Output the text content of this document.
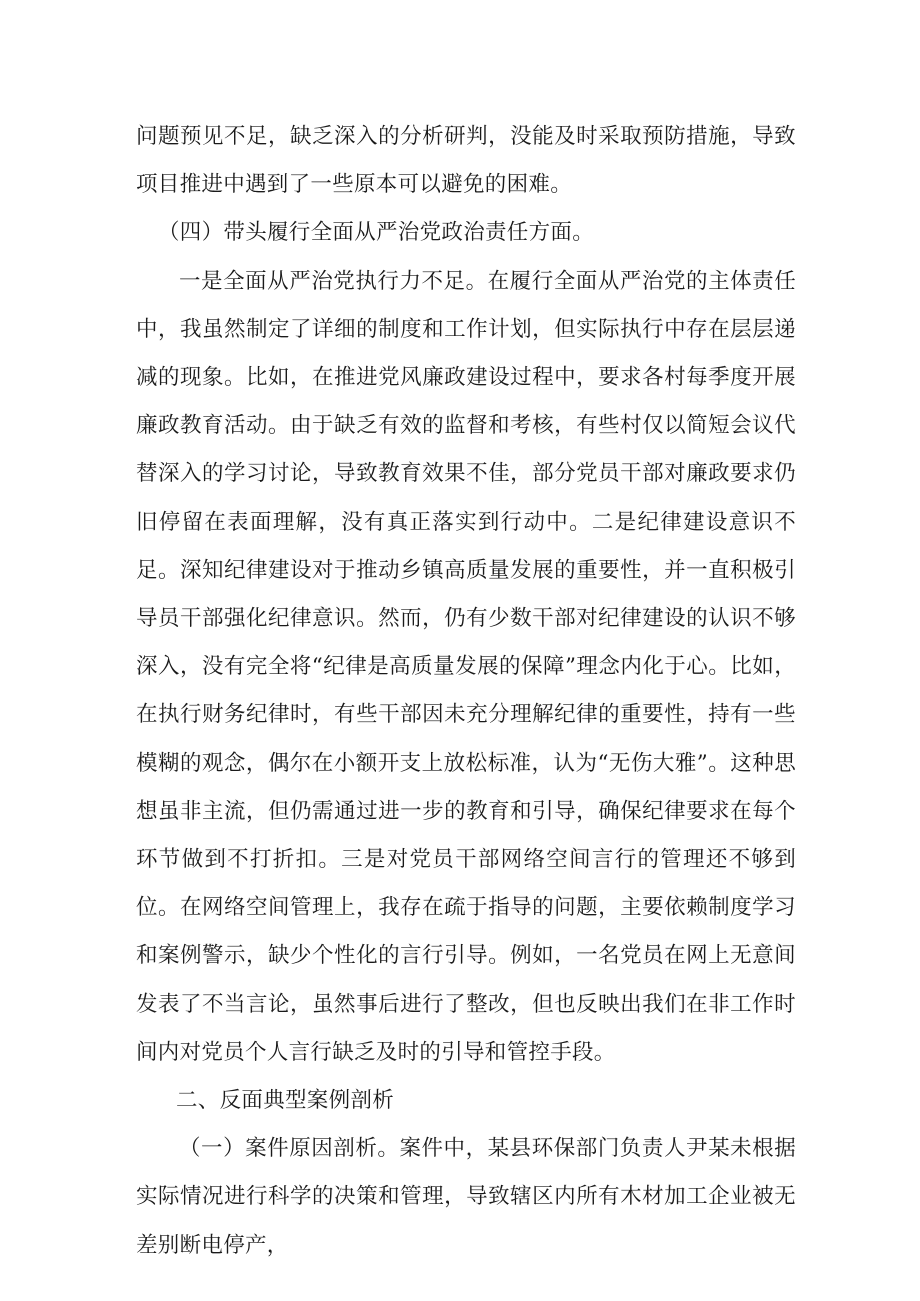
问题预见不足，缺乏深入的分析研判，没能及时采取预防措施，导致项目推进中遇到了一些原本可以避免的困难。

（四）带头履行全面从严治党政治责任方面。

一是全面从严治党执行力不足。在履行全面从严治党的主体责任中，我虽然制定了详细的制度和工作计划，但实际执行中存在层层递减的现象。比如，在推进党风廉政建设过程中，要求各村每季度开展廉政教育活动。由于缺乏有效的监督和考核，有些村仅以简短会议代替深入的学习讨论，导致教育效果不佳，部分党员干部对廉政要求仍旧停留在表面理解，没有真正落实到行动中。二是纪律建设意识不足。深知纪律建设对于推动乡镇高质量发展的重要性，并一直积极引导员干部强化纪律意识。然而，仍有少数干部对纪律建设的认识不够深入，没有完全将“纪律是高质量发展的保障”理念内化于心。比如，在执行财务纪律时，有些干部因未充分理解纪律的重要性，持有一些模糊的观念，偶尔在小额开支上放松标准，认为“无伤大雅”。这种思想虽非主流，但仍需通过进一步的教育和引导，确保纪律要求在每个环节做到不打折扣。三是对党员干部网络空间言行的管理还不够到位。在网络空间管理上，我存在疏于指导的问题，主要依赖制度学习和案例警示，缺少个性化的言行引导。例如，一名党员在网上无意间发表了不当言论，虽然事后进行了整改，但也反映出我们在非工作时间内对党员个人言行缺乏及时的引导和管控手段。

二、反面典型案例剖析

（一）案件原因剖析。案件中，某县环保部门负责人尹某未根据实际情况进行科学的决策和管理，导致辖区内所有木材加工企业被无差别断电停产，
